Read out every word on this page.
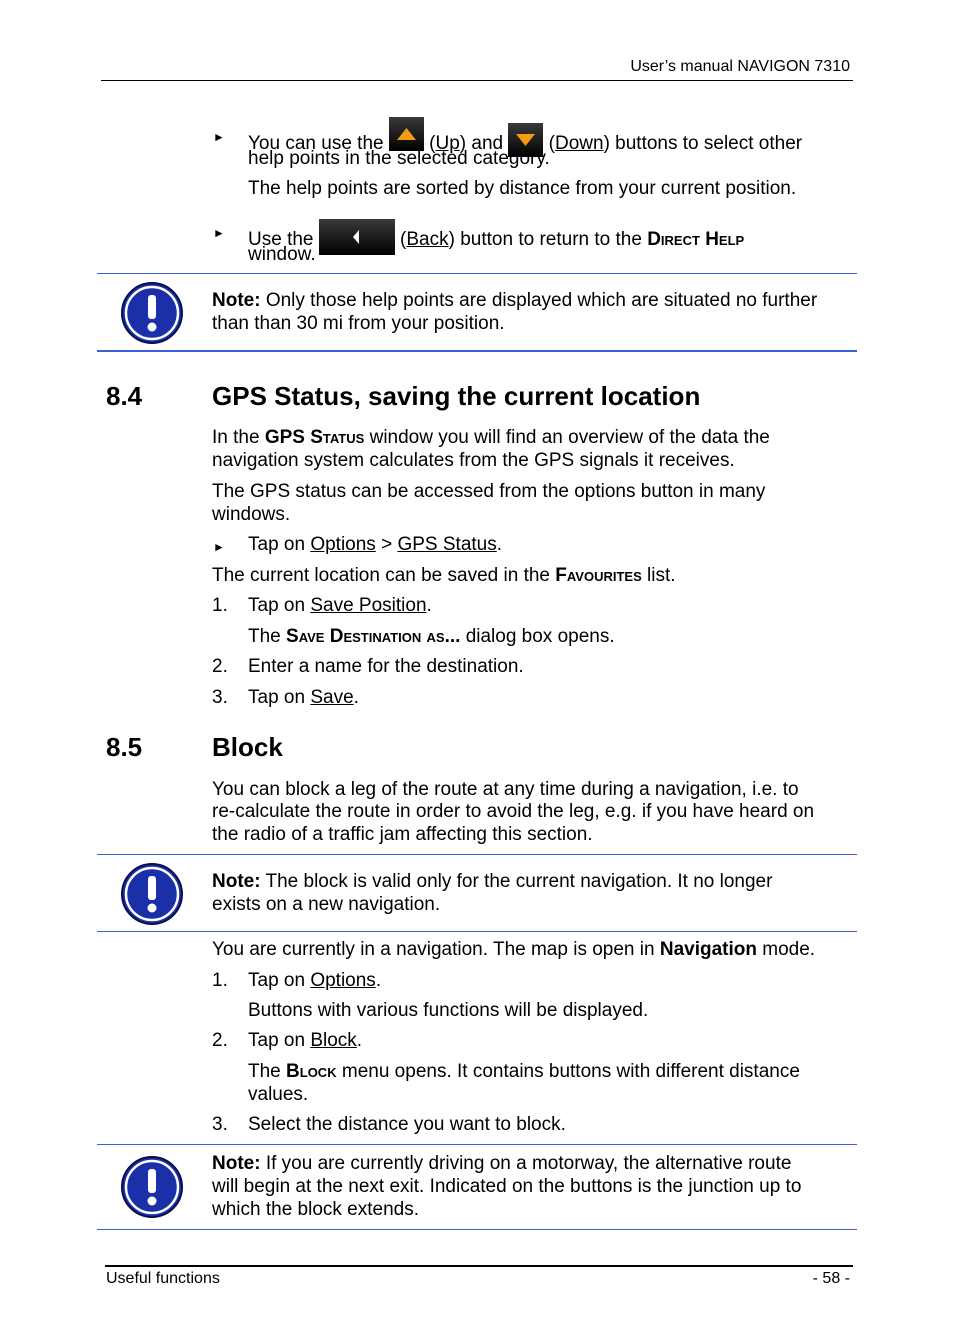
User’s manual NAVIGON 7310
► You can use the (Up) and (Down) buttons to select other
help points in the selected category.
The help points are sorted by distance from your current position.
► Use the	(Back) button to return to the Direct Help
window.
Note: Only those help points are displayed which are situated no further
than than 30 mi from your position.
8.4	GPS Status, saving the current location
In the GPS Status window you will find an overview of the data the
navigation system calculates from the GPS signals it receives.
The GPS status can be accessed from the options button in many
windows.
► Tap on Options > GPS Status.
The current location can be saved in the Favourites list.
1. Tap on Save Position.
The Save Destination as... dialog box opens.
2. Enter a name for the destination.
3. Tap on Save.
8.5	Block
You can block a leg of the route at any time during a navigation, i.e. to
re-calculate the route in order to avoid the leg, e.g. if you have heard on
the radio of a traffic jam affecting this section.
Note: The block is valid only for the current navigation. It no longer
exists on a new navigation.
You are currently in a navigation. The map is open in Navigation mode.
1. Tap on Options.
Buttons with various functions will be displayed.
2. Tap on Block.
The Block menu opens. It contains buttons with different distance
values.
3. Select the distance you want to block.
Note: If you are currently driving on a motorway, the alternative route
will begin at the next exit. Indicated on the buttons is the junction up to
which the block extends.
Useful functions	- 58 -
